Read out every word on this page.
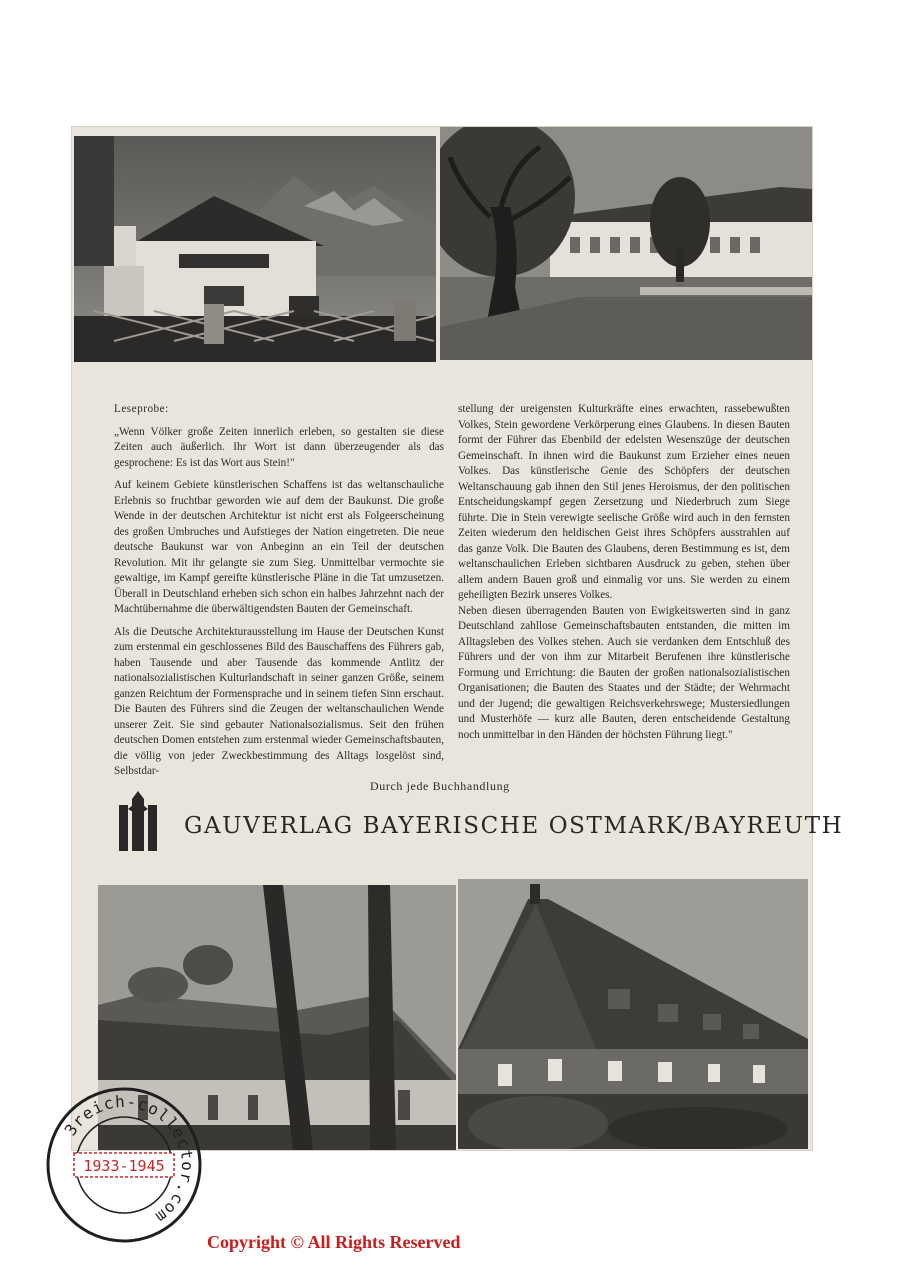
Leseprobe:

„Wenn Völker große Zeiten innerlich erleben, so gestalten sie diese Zeiten auch äußerlich. Ihr Wort ist dann überzeugender als das gesprochene: Es ist das Wort aus Stein!"

Auf keinem Gebiete künstlerischen Schaffens ist das weltanschauliche Erlebnis so fruchtbar geworden wie auf dem der Baukunst. Die große Wende in der deutschen Architektur ist nicht erst als Folgeerscheinung des großen Umbruches und Aufstieges der Nation eingetreten. Die neue deutsche Baukunst war von Anbeginn an ein Teil der deutschen Revolution. Mit ihr gelangte sie zum Sieg. Unmittelbar vermochte sie gewaltige, im Kampf gereifte künstlerische Pläne in die Tat umzusetzen. Überall in Deutschland erheben sich schon ein halbes Jahrzehnt nach der Machtübernahme die überwältigendsten Bauten der Gemeinschaft.

Als die Deutsche Architekturausstellung im Hause der Deutschen Kunst zum erstenmal ein geschlossenes Bild des Bauschaffens des Führers gab, haben Tausende und aber Tausende das kommende Antlitz der nationalsozialistischen Kulturlandschaft in seiner ganzen Größe, seinem ganzen Reichtum der Formensprache und in seinem tiefen Sinn erschaut. Die Bauten des Führers sind die Zeugen der weltanschaulichen Wende unserer Zeit. Sie sind gebauter Nationalsozialismus. Seit den frühen deutschen Domen entstehen zum erstenmal wieder Gemeinschaftsbauten, die völlig von jeder Zweckbestimmung des Alltags losgelöst sind, Selbstdar-

stellung der ureigensten Kulturkräfte eines erwachten, rassebewußten Volkes, Stein gewordene Verkörperung eines Glaubens. In diesen Bauten formt der Führer das Ebenbild der edelsten Wesenszüge der deutschen Gemeinschaft. In ihnen wird die Baukunst zum Erzieher eines neuen Volkes. Das künstlerische Genie des Schöpfers der deutschen Weltanschauung gab ihnen den Stil jenes Heroismus, der den politischen Entscheidungskampf gegen Zersetzung und Niederbruch zum Siege führte. Die in Stein verewigte seelische Größe wird auch in den fernsten Zeiten wiederum den heldischen Geist ihres Schöpfers ausstrahlen auf das ganze Volk. Die Bauten des Glaubens, deren Bestimmung es ist, dem weltanschaulichen Erleben sichtbaren Ausdruck zu geben, stehen über allem andern Bauen groß und einmalig vor uns. Sie werden zu einem geheiligten Bezirk unseres Volkes.

Neben diesen überragenden Bauten von Ewigkeitswerten sind in ganz Deutschland zahllose Gemeinschaftsbauten entstanden, die mitten im Alltagsleben des Volkes stehen. Auch sie verdanken dem Entschluß des Führers und der von ihm zur Mitarbeit Berufenen ihre künstlerische Formung und Errichtung: die Bauten der großen nationalsozialistischen Organisationen; die Bauten des Staates und der Städte; der Wehrmacht und der Jugend; die gewaltigen Reichsverkehrswege; Mustersiedlungen und Musterhöfe — kurz alle Bauten, deren entscheidende Gestaltung noch unmittelbar in den Händen der höchsten Führung liegt."

Durch jede Buchhandlung
GAUVERLAG BAYERISCHE OSTMARK/BAYREUTH
3reich-collector.com
1933-1945
Copyright © All Rights Reserved
